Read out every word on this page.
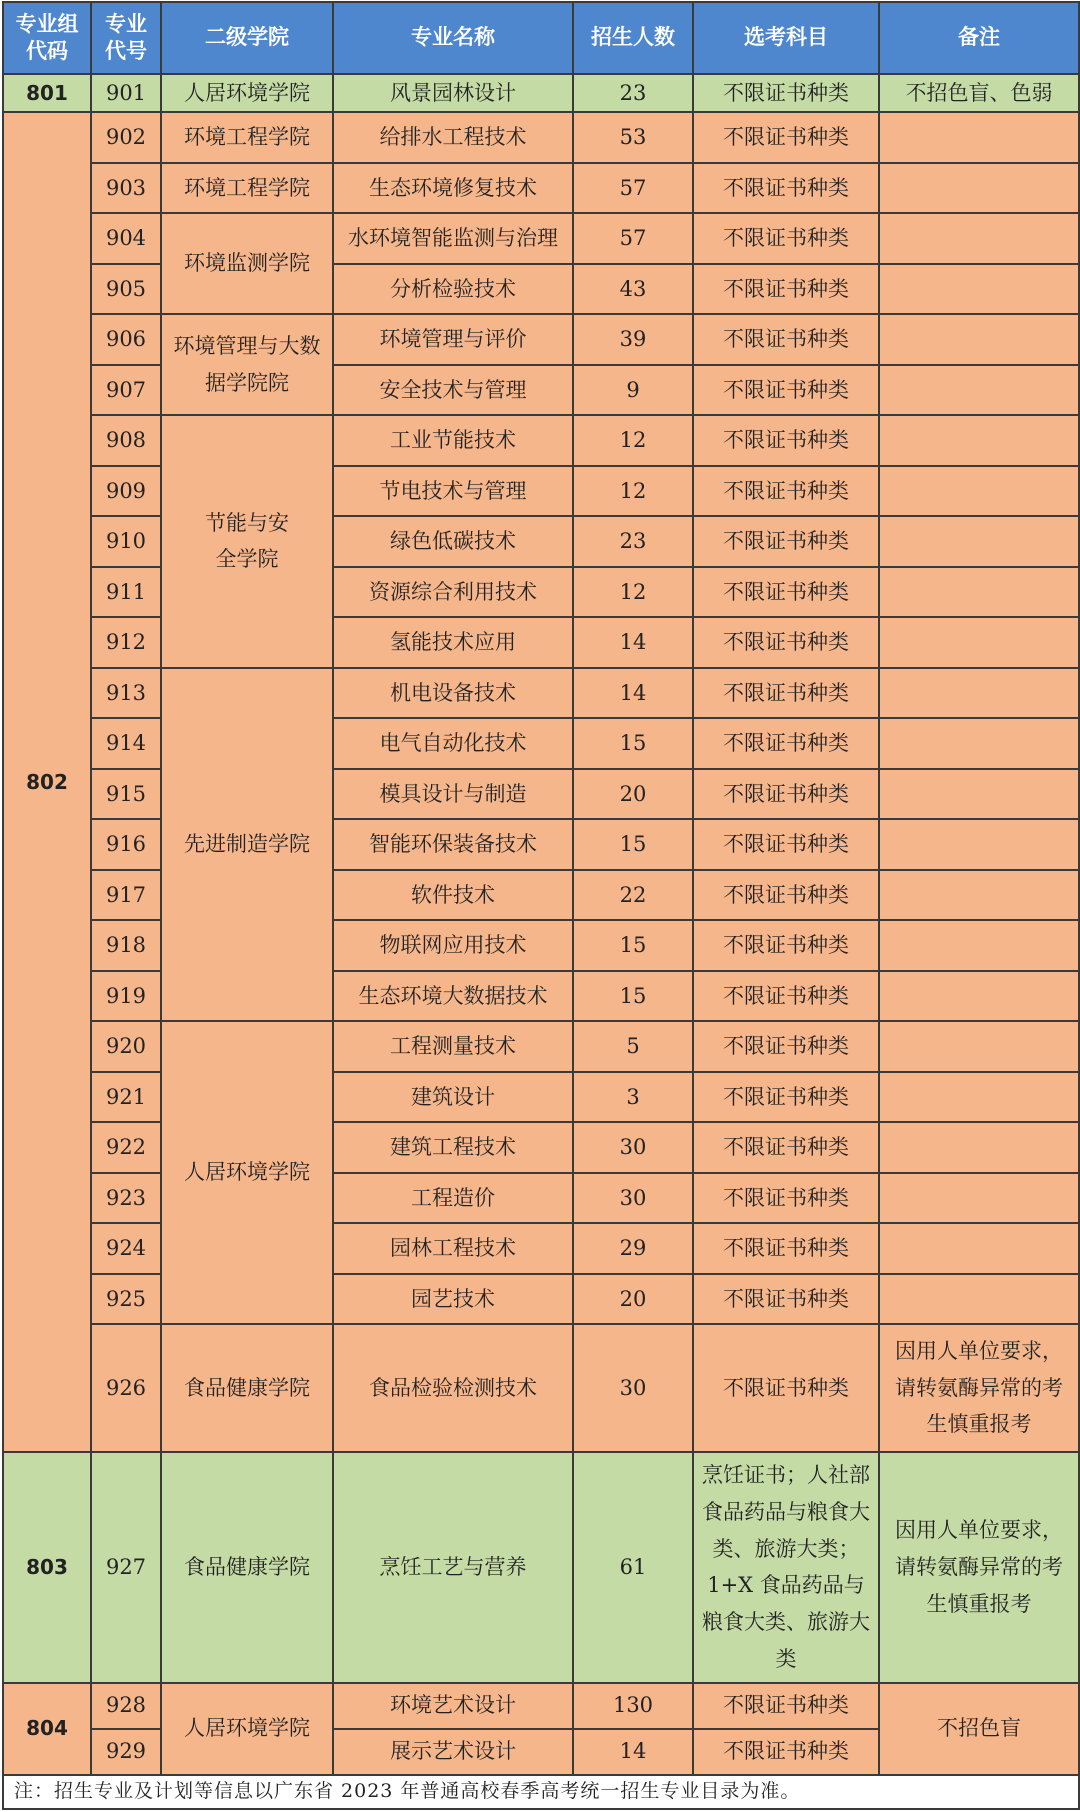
专业组代码	专业代号	二级学院	专业名称	招生人数	选考科目	备注
801	901	人居环境学院	风景园林设计	23	不限证书种类	不招色盲、色弱
802	902	环境工程学院	给排水工程技术	53	不限证书种类	
	903	环境工程学院	生态环境修复技术	57	不限证书种类	
	904	环境监测学院	水环境智能监测与治理	57	不限证书种类	
	905		分析检验技术	43	不限证书种类	
	906	环境管理与大数据学院院	环境管理与评价	39	不限证书种类	
	907		安全技术与管理	9	不限证书种类	
	908	节能与安全学院	工业节能技术	12	不限证书种类	
	909		节电技术与管理	12	不限证书种类	
	910		绿色低碳技术	23	不限证书种类	
	911		资源综合利用技术	12	不限证书种类	
	912		氢能技术应用	14	不限证书种类	
	913	先进制造学院	机电设备技术	14	不限证书种类	
	914		电气自动化技术	15	不限证书种类	
	915		模具设计与制造	20	不限证书种类	
	916		智能环保装备技术	15	不限证书种类	
	917		软件技术	22	不限证书种类	
	918		物联网应用技术	15	不限证书种类	
	919		生态环境大数据技术	15	不限证书种类	
	920	人居环境学院	工程测量技术	5	不限证书种类	
	921		建筑设计	3	不限证书种类	
	922		建筑工程技术	30	不限证书种类	
	923		工程造价	30	不限证书种类	
	924		园林工程技术	29	不限证书种类	
	925		园艺技术	20	不限证书种类	
	926	食品健康学院	食品检验检测技术	30	不限证书种类	因用人单位要求，请转氨酶异常的考生慎重报考
803	927	食品健康学院	烹饪工艺与营养	61	烹饪证书；人社部食品药品与粮食大类、旅游大类；1+X 食品药品与粮食大类、旅游大类	因用人单位要求，请转氨酶异常的考生慎重报考
804	928	人居环境学院	环境艺术设计	130	不限证书种类	不招色盲
	929		展示艺术设计	14	不限证书种类	
注：招生专业及计划等信息以广东省 2023 年普通高校春季高考统一招生专业目录为准。						
